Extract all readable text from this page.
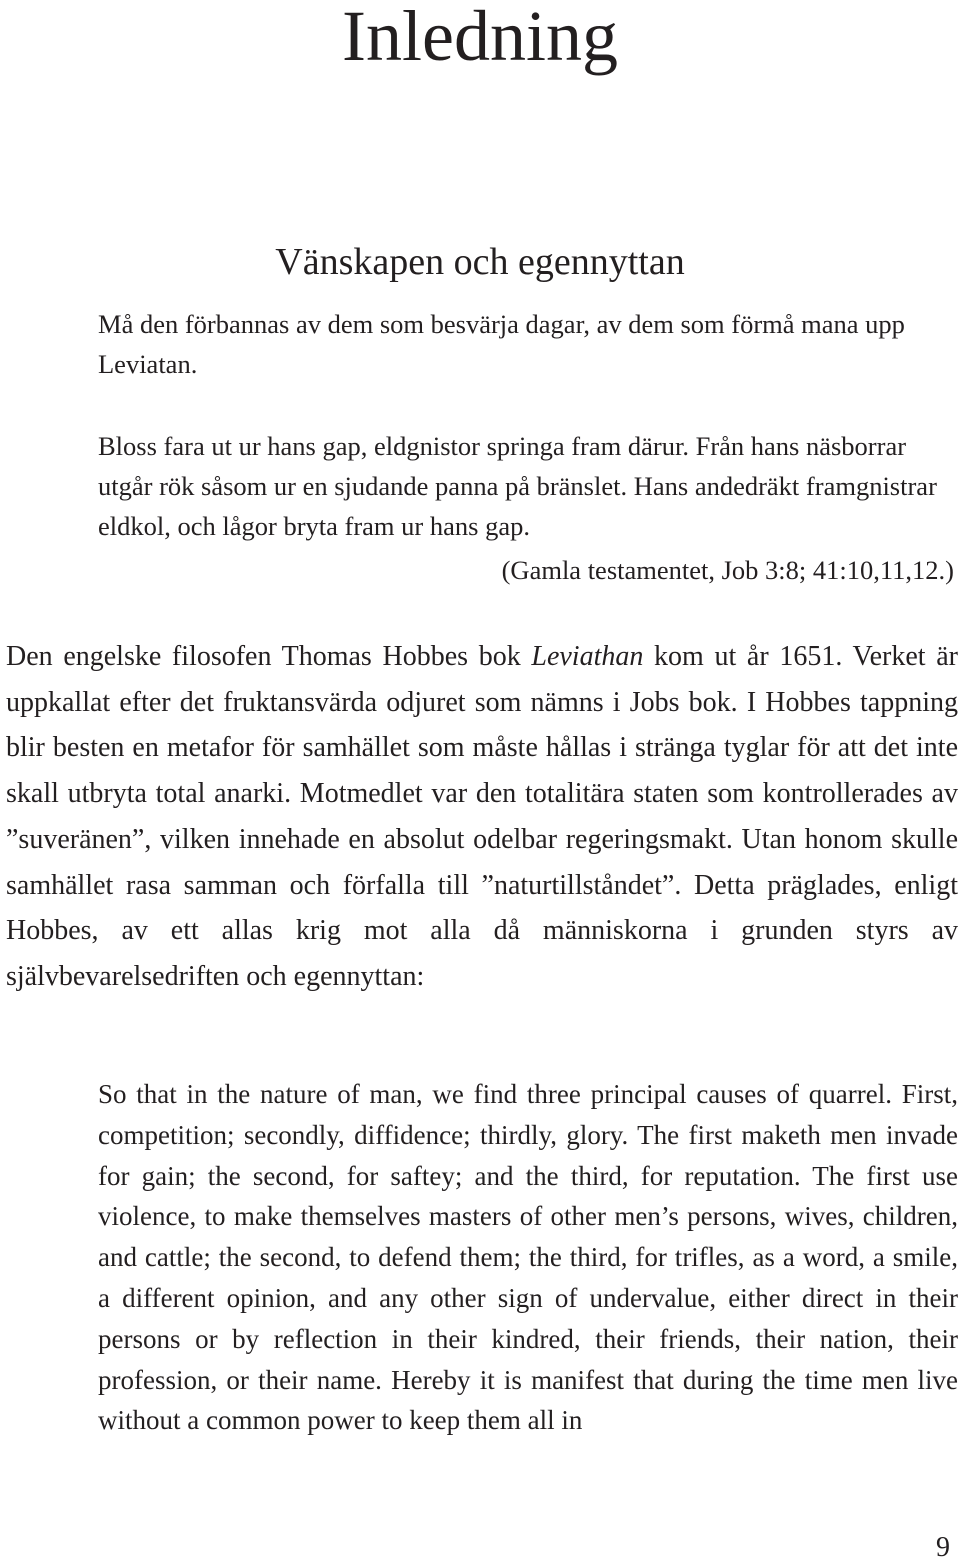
Inledning
Vänskapen och egennyttan

Må den förbannas av dem som besvärja dagar, av dem som förmå mana upp Leviatan.

Bloss fara ut ur hans gap, eldgnistor springa fram därur. Från hans näsborrar utgår rök såsom ur en sjudande panna på bränslet. Hans andedräkt framgnistrar eldkol, och lågor bryta fram ur hans gap.

(Gamla testamentet, Job 3:8; 41:10,11,12.)

Den engelske filosofen Thomas Hobbes bok Leviathan kom ut år 1651. Verket är uppkallat efter det fruktansvärda odjuret som nämns i Jobs bok. I Hobbes tappning blir besten en metafor för samhället som måste hållas i stränga tyglar för att det inte skall utbryta total anarki. Motmedlet var den totalitära staten som kontrollerades av ”suveränen”, vilken innehade en absolut odelbar regeringsmakt. Utan honom skulle samhället rasa samman och förfalla till ”naturtillståndet”. Detta präglades, enligt Hobbes, av ett allas krig mot alla då människorna i grunden styrs av självbevarelsedriften och egennyttan:

So that in the nature of man, we find three principal causes of quarrel. First, competition; secondly, diffidence; thirdly, glory. The first maketh men invade for gain; the second, for saftey; and the third, for reputation. The first use violence, to make themselves masters of other men’s persons, wives, children, and cattle; the second, to defend them; the third, for trifles, as a word, a smile, a different opinion, and any other sign of undervalue, either direct in their persons or by reflection in their kindred, their friends, their nation, their profession, or their name. Hereby it is manifest that during the time men live without a common power to keep them all in

9
